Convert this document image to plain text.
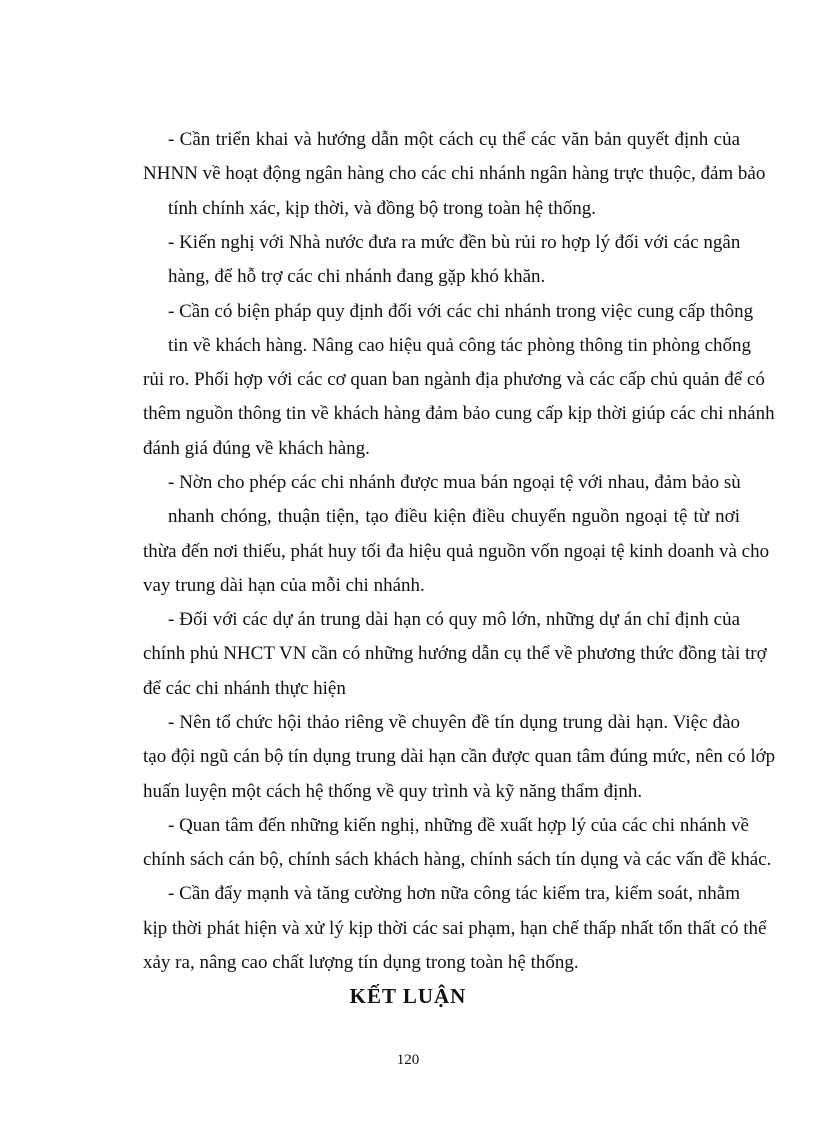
- Cần triển khai và hướng dẫn một cách cụ thể các văn bản quyết định của
NHNN về hoạt động ngân hàng cho các chi nhánh ngân hàng trực thuộc, đảm bảo
tính chính xác, kịp thời, và đồng bộ trong toàn hệ thống.
- Kiến nghị với Nhà nước đưa ra mức đền bù rủi ro hợp lý đối với các ngân
hàng, để hỗ trợ các chi nhánh đang gặp khó khăn.
- Cần có biện pháp quy định đối với các chi nhánh trong việc cung cấp thông
tin về khách hàng. Nâng cao hiệu quả công tác phòng thông tin phòng chống
rủi ro. Phối hợp với các cơ quan ban ngành địa phương và các cấp chủ quản để có
thêm nguồn thông tin về khách hàng đảm bảo cung cấp kịp thời giúp các chi nhánh
đánh giá đúng về khách hàng.
- Nờn cho phép các chi nhánh được mua bán ngoại tệ với nhau, đảm bảo sù
nhanh chóng, thuận tiện, tạo điều kiện điều chuyển nguồn ngoại tệ từ nơi
thừa đến nơi thiếu, phát huy tối đa hiệu quả nguồn vốn ngoại tệ kinh doanh và cho
vay trung dài hạn của mỗi chi nhánh.
- Đối với các dự án trung dài hạn có quy mô lớn, những dự án chỉ định của
chính phủ NHCT VN cần có những hướng dẫn cụ thể về phương thức đồng tài trợ
để các chi nhánh thực hiện
- Nên tổ chức hội thảo riêng về chuyên đề tín dụng trung dài hạn. Việc đào
tạo đội ngũ cán bộ tín dụng trung dài hạn cần được quan tâm đúng mức, nên có lớp
huấn luyện một cách hệ thống về quy trình và kỹ năng thẩm định.
- Quan tâm đến những kiến nghị, những đề xuất hợp lý của các chi nhánh về
chính sách cán bộ, chính sách khách hàng, chính sách tín dụng và các vấn đề khác.
- Cần đẩy mạnh và tăng cường hơn nữa công tác kiểm tra, kiểm soát, nhằm
kịp thời phát hiện và xử lý kịp thời các sai phạm, hạn chế thấp nhất tổn thất có thể
xảy ra, nâng cao chất lượng tín dụng trong toàn hệ thống.
KẾT LUẬN
120
